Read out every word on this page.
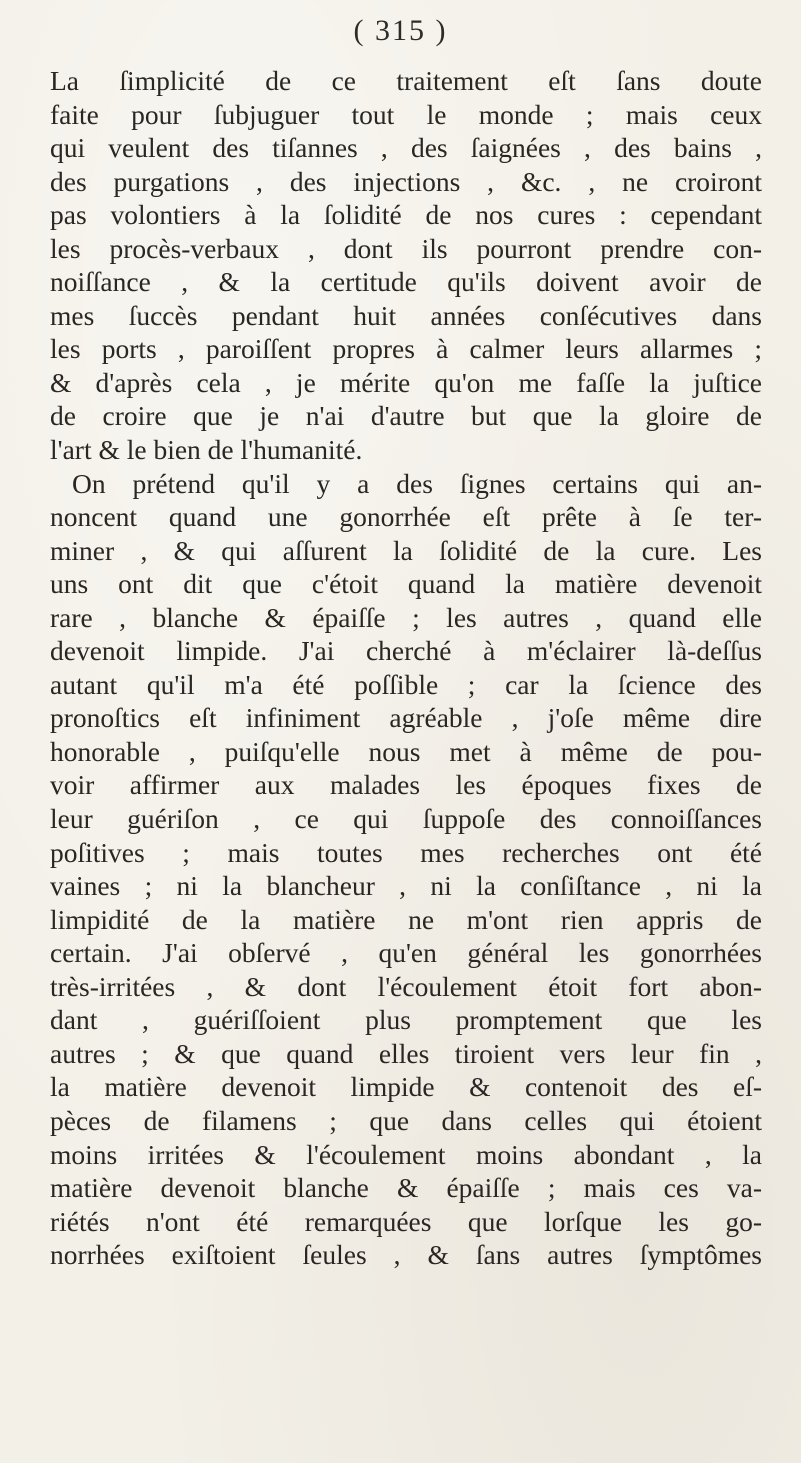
( 315 )
La ſimplicité de ce traitement eſt ſans doute
faite pour ſubjuguer tout le monde ; mais ceux
qui veulent des tiſannes , des ſaignées , des bains ,
des purgations , des injections , &c. , ne croiront
pas volontiers à la ſolidité de nos cures : cependant
les procès-verbaux , dont ils pourront prendre con-
noiſſance , & la certitude qu'ils doivent avoir de
mes ſuccès pendant huit années conſécutives dans
les ports , paroiſſent propres à calmer leurs allarmes ;
& d'après cela , je mérite qu'on me faſſe la juſtice
de croire que je n'ai d'autre but que la gloire de
l'art & le bien de l'humanité.
On prétend qu'il y a des ſignes certains qui an-
noncent quand une gonorrhée eſt prête à ſe ter-
miner , & qui aſſurent la ſolidité de la cure. Les
uns ont dit que c'étoit quand la matière devenoit
rare , blanche & épaiſſe ; les autres , quand elle
devenoit limpide. J'ai cherché à m'éclairer là-deſſus
autant qu'il m'a été poſſible ; car la ſcience des
pronoſtics eſt infiniment agréable , j'oſe même dire
honorable , puiſqu'elle nous met à même de pou-
voir affirmer aux malades les époques fixes de
leur guériſon , ce qui ſuppoſe des connoiſſances
poſitives ; mais toutes mes recherches ont été
vaines ; ni la blancheur , ni la conſiſtance , ni la
limpidité de la matière ne m'ont rien appris de
certain. J'ai obſervé , qu'en général les gonorrhées
très-irritées , & dont l'écoulement étoit fort abon-
dant , guériſſoient plus promptement que les
autres ; & que quand elles tiroient vers leur fin ,
la matière devenoit limpide & contenoit des eſ-
pèces de filamens ; que dans celles qui étoient
moins irritées & l'écoulement moins abondant , la
matière devenoit blanche & épaiſſe ; mais ces va-
riétés n'ont été remarquées que lorſque les go-
norrhées exiſtoient ſeules , & ſans autres ſymptômes
